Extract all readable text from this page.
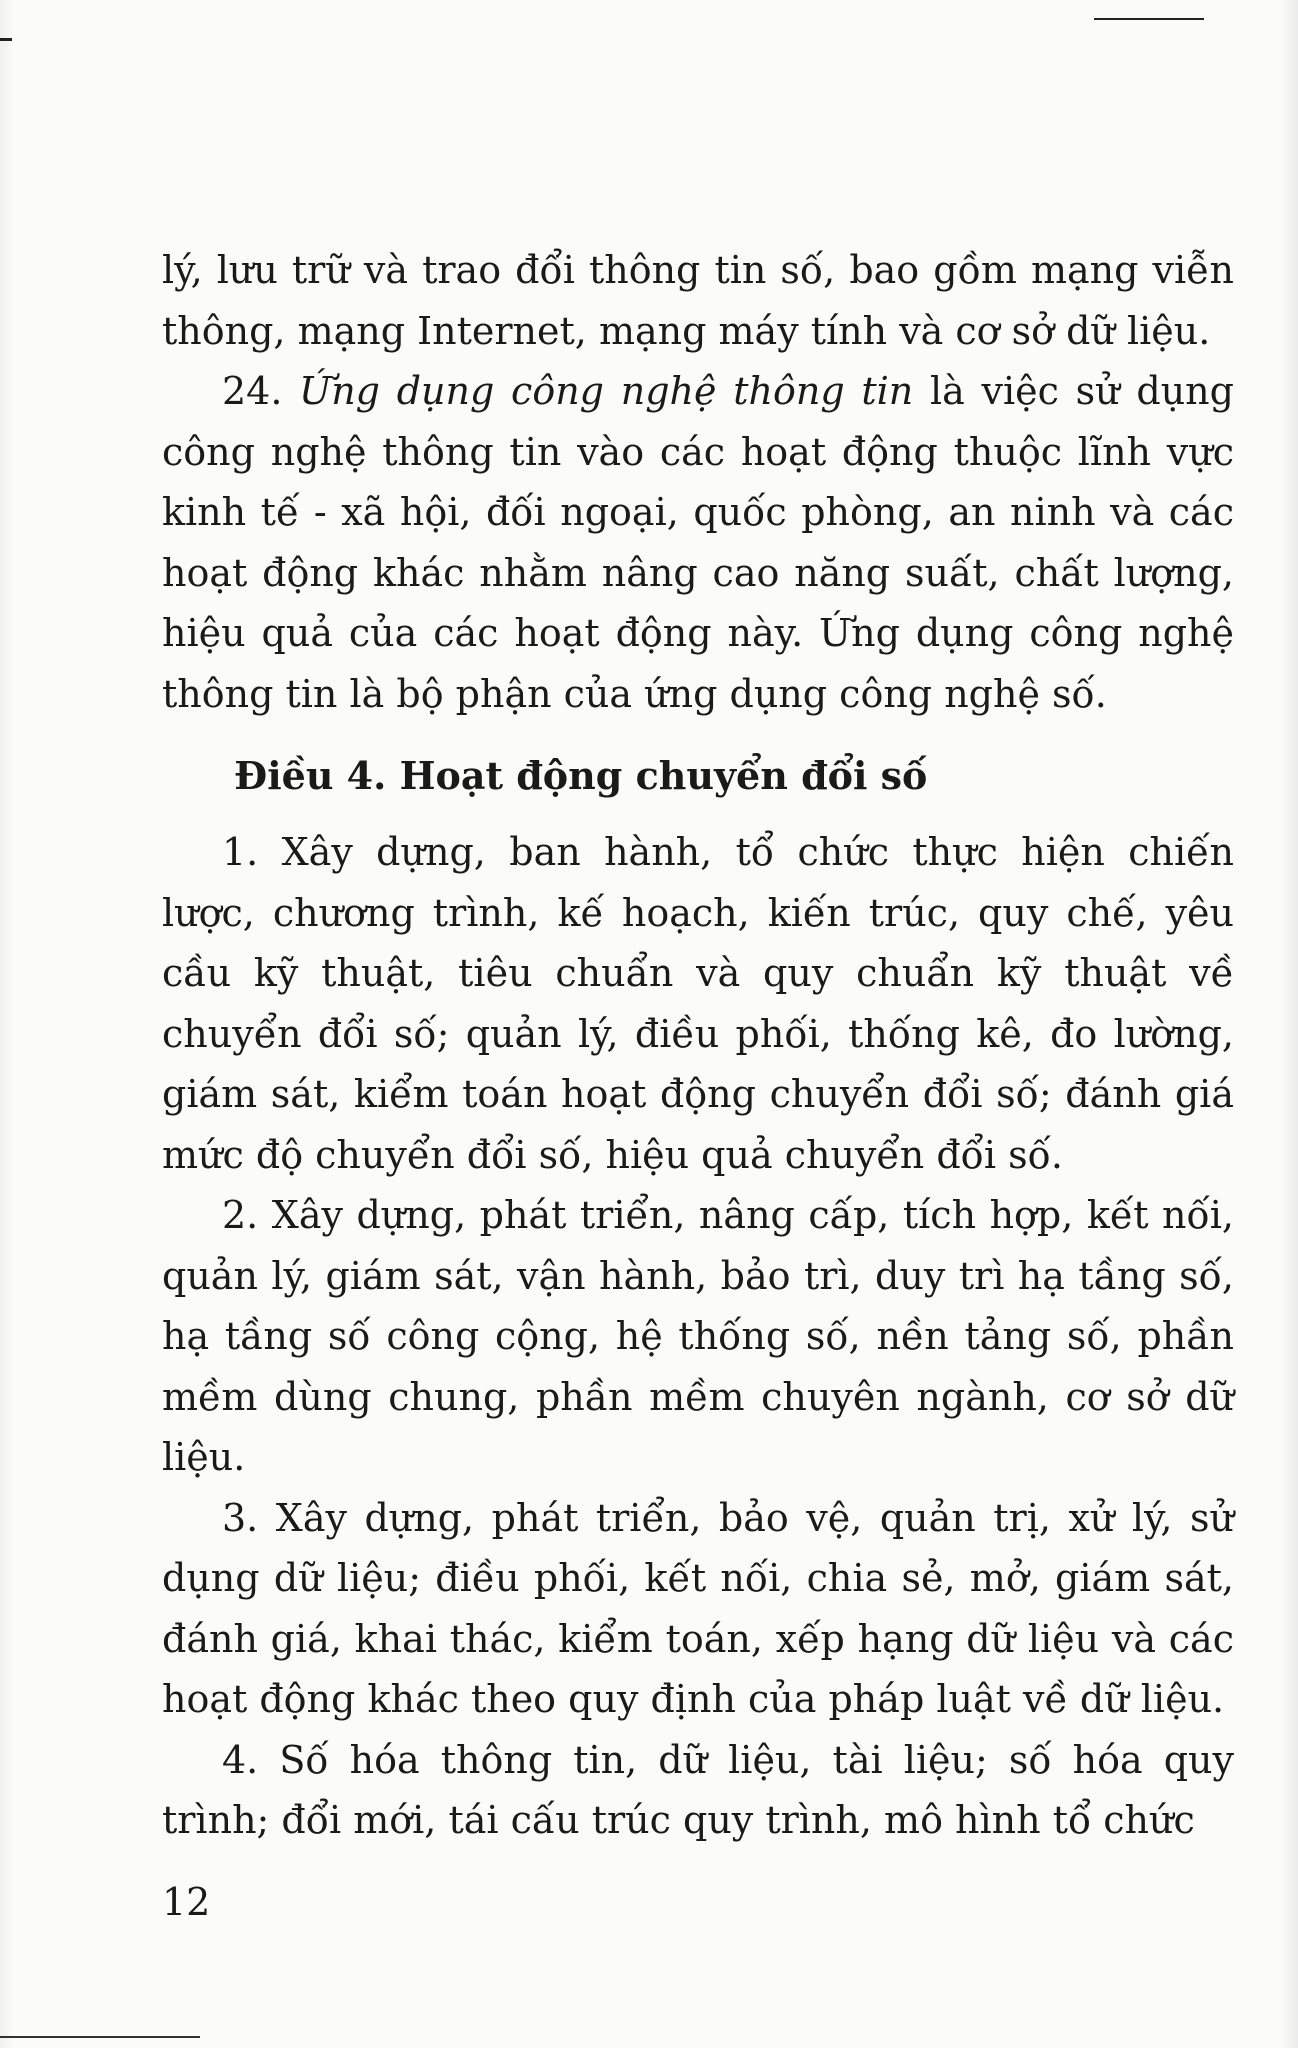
lý, lưu trữ và trao đổi thông tin số, bao gồm mạng viễn thông, mạng Internet, mạng máy tính và cơ sở dữ liệu.

24. Ứng dụng công nghệ thông tin là việc sử dụng công nghệ thông tin vào các hoạt động thuộc lĩnh vực kinh tế - xã hội, đối ngoại, quốc phòng, an ninh và các hoạt động khác nhằm nâng cao năng suất, chất lượng, hiệu quả của các hoạt động này. Ứng dụng công nghệ thông tin là bộ phận của ứng dụng công nghệ số.

Điều 4. Hoạt động chuyển đổi số

1. Xây dựng, ban hành, tổ chức thực hiện chiến lược, chương trình, kế hoạch, kiến trúc, quy chế, yêu cầu kỹ thuật, tiêu chuẩn và quy chuẩn kỹ thuật về chuyển đổi số; quản lý, điều phối, thống kê, đo lường, giám sát, kiểm toán hoạt động chuyển đổi số; đánh giá mức độ chuyển đổi số, hiệu quả chuyển đổi số.

2. Xây dựng, phát triển, nâng cấp, tích hợp, kết nối, quản lý, giám sát, vận hành, bảo trì, duy trì hạ tầng số, hạ tầng số công cộng, hệ thống số, nền tảng số, phần mềm dùng chung, phần mềm chuyên ngành, cơ sở dữ liệu.

3. Xây dựng, phát triển, bảo vệ, quản trị, xử lý, sử dụng dữ liệu; điều phối, kết nối, chia sẻ, mở, giám sát, đánh giá, khai thác, kiểm toán, xếp hạng dữ liệu và các hoạt động khác theo quy định của pháp luật về dữ liệu.

4. Số hóa thông tin, dữ liệu, tài liệu; số hóa quy trình; đổi mới, tái cấu trúc quy trình, mô hình tổ chức

12
